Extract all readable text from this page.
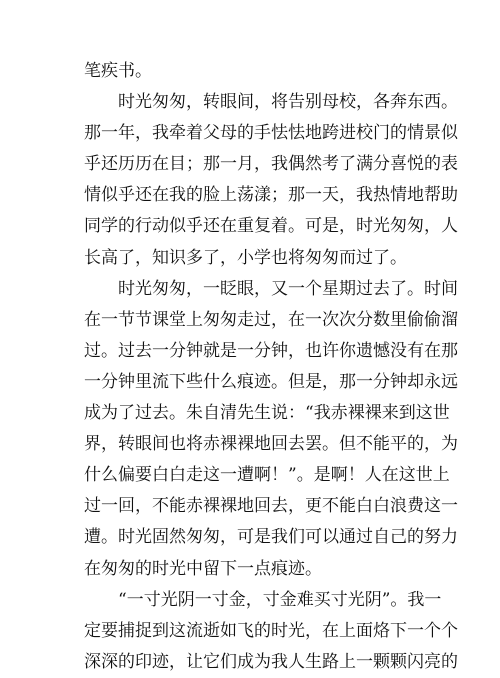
笔疾书。
时光匆匆，转眼间，将告别母校，各奔东西。
那一年，我牵着父母的手怯怯地跨进校门的情景似
乎还历历在目；那一月，我偶然考了满分喜悦的表
情似乎还在我的脸上荡漾；那一天，我热情地帮助
同学的行动似乎还在重复着。可是，时光匆匆，人
长高了，知识多了，小学也将匆匆而过了。
时光匆匆，一眨眼，又一个星期过去了。时间
在一节节课堂上匆匆走过，在一次次分数里偷偷溜
过。过去一分钟就是一分钟，也许你遗憾没有在那
一分钟里流下些什么痕迹。但是，那一分钟却永远
成为了过去。朱自清先生说：“我赤裸裸来到这世
界，转眼间也将赤裸裸地回去罢。但不能平的，为
什么偏要白白走这一遭啊！”。是啊！人在这世上
过一回，不能赤裸裸地回去，更不能白白浪费这一
遭。时光固然匆匆，可是我们可以通过自己的努力
在匆匆的时光中留下一点痕迹。
“一寸光阴一寸金，寸金难买寸光阴”。我一
定要捕捉到这流逝如飞的时光，在上面烙下一个个
深深的印迹，让它们成为我人生路上一颗颗闪亮的
